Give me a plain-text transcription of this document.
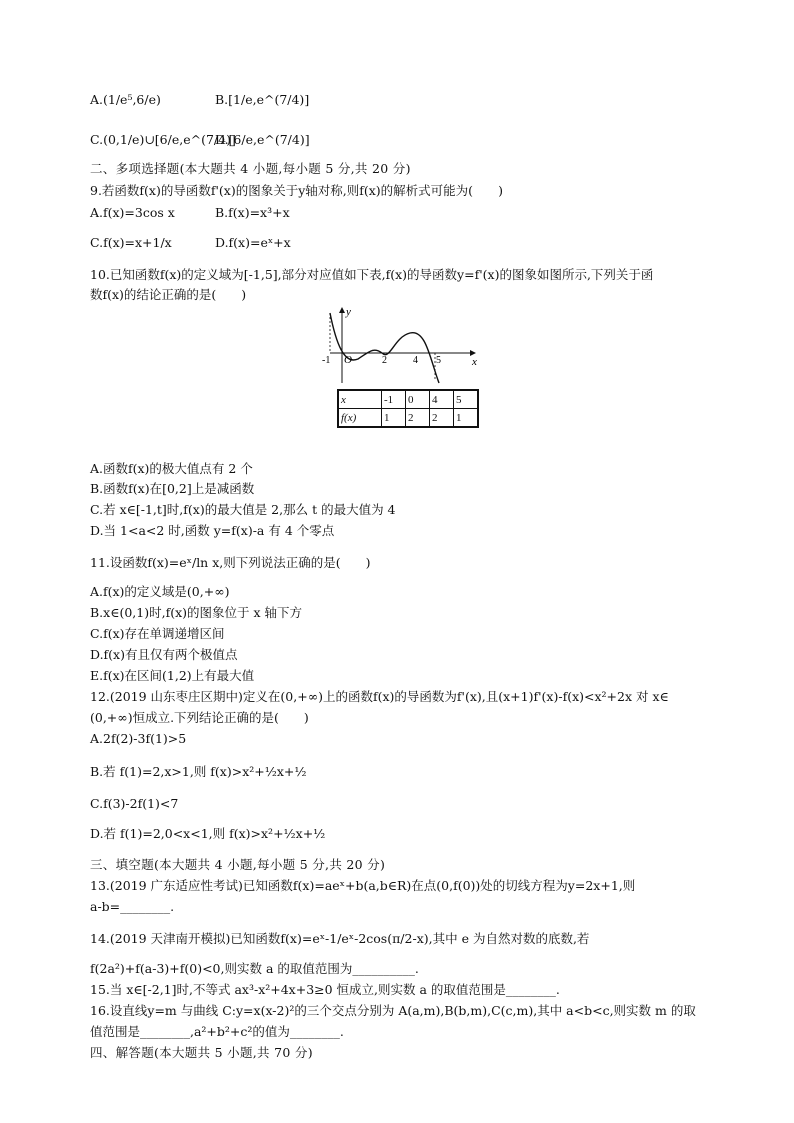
A.(1/e⁵,6/e)	B.[1/e,e^(7/4)]
C.(0,1/e)∪[6/e,e^(7/4)]
D.[6/e,e^(7/4)]
二、多项选择题(本大题共 4 小题,每小题 5 分,共 20 分)
9.若函数f(x)的导函数f'(x)的图象关于y轴对称,则f(x)的解析式可能为(　　)
A.f(x)=3cos x	B.f(x)=x³+x
C.f(x)=x+1/x	D.f(x)=eˣ+x
10.已知函数f(x)的定义域为[-1,5],部分对应值如下表,f(x)的导函数y=f'(x)的图象如图所示,下列关于函
数f(x)的结论正确的是(　　)
y
x
O
-1	2	4 5
x	-1	0	4	5
f(x)	1	2	2	1
A.函数f(x)的极大值点有 2 个
B.函数f(x)在[0,2]上是减函数
C.若 x∈[-1,t]时,f(x)的最大值是 2,那么 t 的最大值为 4
D.当 1<a<2 时,函数 y=f(x)-a 有 4 个零点
11.设函数f(x)=eˣ/ln x,则下列说法正确的是(　　)
A.f(x)的定义域是(0,+∞)
B.x∈(0,1)时,f(x)的图象位于 x 轴下方
C.f(x)存在单调递增区间
D.f(x)有且仅有两个极值点
E.f(x)在区间(1,2)上有最大值
12.(2019 山东枣庄区期中)定义在(0,+∞)上的函数f(x)的导函数为f'(x),且(x+1)f'(x)-f(x)<x²+2x 对 x∈
(0,+∞)恒成立.下列结论正确的是(　　)
A.2f(2)-3f(1)>5
B.若 f(1)=2,x>1,则 f(x)>x²+½x+½
C.f(3)-2f(1)<7
D.若 f(1)=2,0<x<1,则 f(x)>x²+½x+½
三、填空题(本大题共 4 小题,每小题 5 分,共 20 分)
13.(2019 广东适应性考试)已知函数f(x)=aeˣ+b(a,b∈R)在点(0,f(0))处的切线方程为y=2x+1,则
a-b=________.
14.(2019 天津南开模拟)已知函数f(x)=eˣ-1/eˣ-2cos(π/2-x),其中 e 为自然对数的底数,若
f(2a²)+f(a-3)+f(0)<0,则实数 a 的取值范围为__________.
15.当 x∈[-2,1]时,不等式 ax³-x²+4x+3≥0 恒成立,则实数 a 的取值范围是________.
16.设直线y=m 与曲线 C:y=x(x-2)²的三个交点分别为 A(a,m),B(b,m),C(c,m),其中 a<b<c,则实数 m 的取
值范围是________,a²+b²+c²的值为________.
四、解答题(本大题共 5 小题,共 70 分)
